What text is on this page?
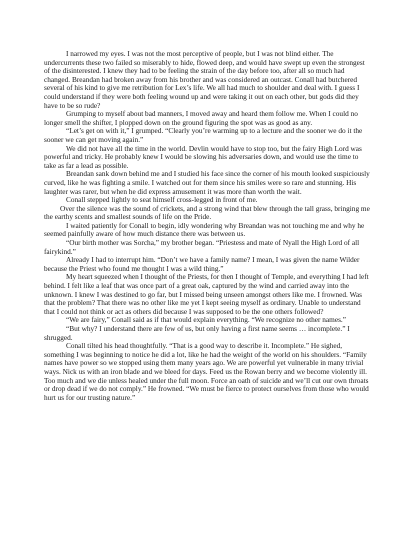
I narrowed my eyes. I was not the most perceptive of people, but I was not blind either. The undercurrents these two failed so miserably to hide, flowed deep, and would have swept up even the strongest of the disinterested. I knew they had to be feeling the strain of the day before too, after all so much had changed. Breandan had broken away from his brother and was considered an outcast. Conall had butchered several of his kind to give me retribution for Lex’s life. We all had much to shoulder and deal with. I guess I could understand if they were both feeling wound up and were taking it out on each other, but gods did they have to be so rude?

Grumping to myself about bad manners, I moved away and heard them follow me. When I could no longer smell the shifter, I plopped down on the ground figuring the spot was as good as any.

“Let’s get on with it,” I grumped. “Clearly you’re warming up to a lecture and the sooner we do it the sooner we can get moving again.”

We did not have all the time in the world. Devlin would have to stop too, but the fairy High Lord was powerful and tricky. He probably knew I would be slowing his adversaries down, and would use the time to take as far a lead as possible.

Breandan sank down behind me and I studied his face since the corner of his mouth looked suspiciously curved, like he was fighting a smile. I watched out for them since his smiles were so rare and stunning. His laughter was rarer, but when he did express amusement it was more than worth the wait.

Conall stepped lightly to seat himself cross-legged in front of me.

Over the silence was the sound of crickets, and a strong wind that blew through the tall grass, bringing me the earthy scents and smallest sounds of life on the Pride.

I waited patiently for Conall to begin, idly wondering why Breandan was not touching me and why he seemed painfully aware of how much distance there was between us.

“Our birth mother was Sorcha,” my brother began. “Priestess and mate of Nyall the High Lord of all fairykind.”

Already I had to interrupt him. “Don’t we have a family name? I mean, I was given the name Wilder because the Priest who found me thought I was a wild thing.”

My heart squeezed when I thought of the Priests, for then I thought of Temple, and everything I had left behind. I felt like a leaf that was once part of a great oak, captured by the wind and carried away into the unknown. I knew I was destined to go far, but I missed being unseen amongst others like me. I frowned. Was that the problem? That there was no other like me yet I kept seeing myself as ordinary. Unable to understand that I could not think or act as others did because I was supposed to be the one others followed?

“We are fairy,” Conall said as if that would explain everything. “We recognize no other names.”

“But why? I understand there are few of us, but only having a first name seems … incomplete.” I shrugged.

Conall tilted his head thoughtfully. “That is a good way to describe it. Incomplete.” He sighed, something I was beginning to notice he did a lot, like he had the weight of the world on his shoulders. “Family names have power so we stopped using them many years ago. We are powerful yet vulnerable in many trivial ways. Nick us with an iron blade and we bleed for days. Feed us the Rowan berry and we become violently ill. Too much and we die unless healed under the full moon. Force an oath of suicide and we’ll cut our own throats or drop dead if we do not comply.” He frowned. “We must be fierce to protect ourselves from those who would hurt us for our trusting nature.”
